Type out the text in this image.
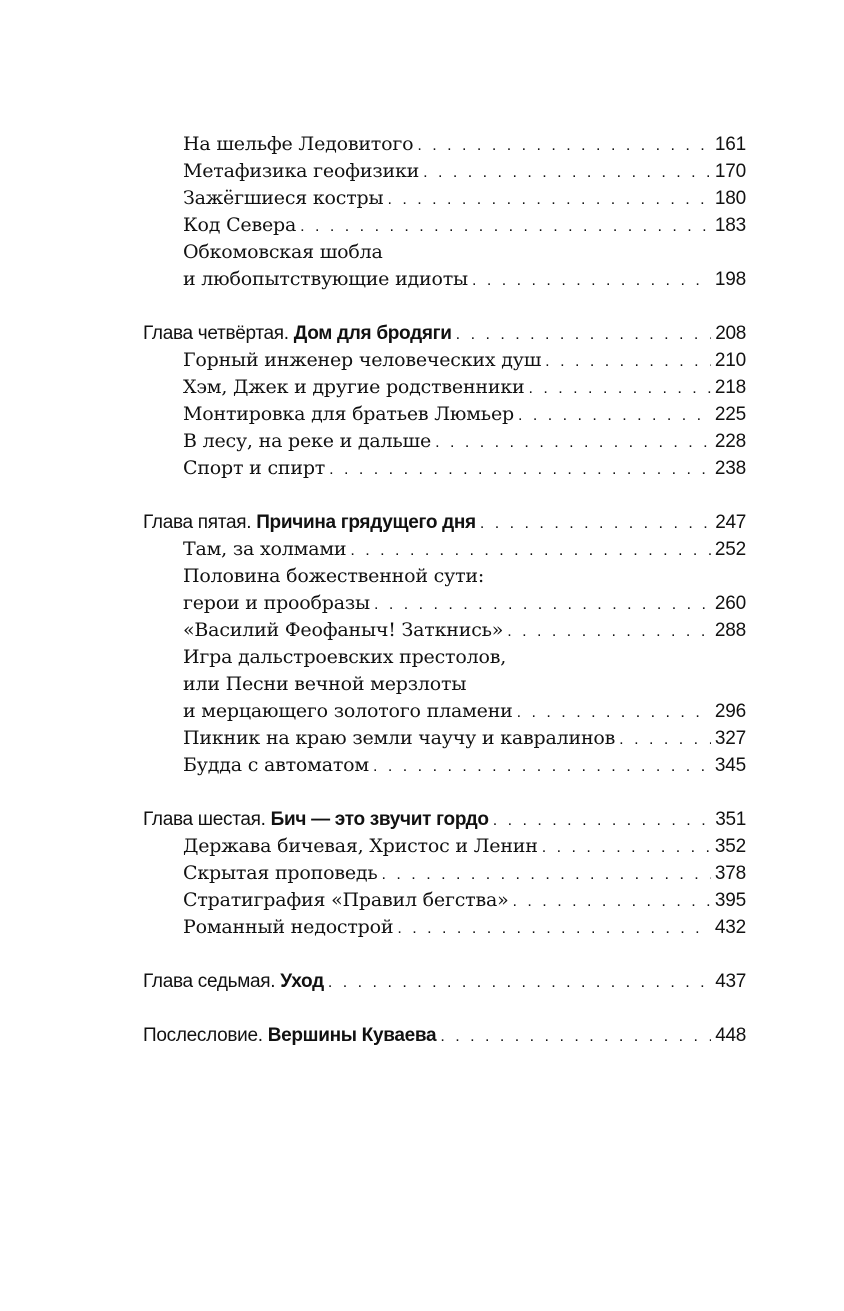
На шельфе Ледовитого . . .	161
Метафизика геофизики . . .	170
Зажёгшиеся костры . . .	180
Код Севера . . .	183
Обкомовская шобла
и любопытствующие идиоты . . .	198
Глава четвёртая. Дом для бродяги . . .	208
Горный инженер человеческих душ . . .	210
Хэм, Джек и другие родственники . . .	218
Монтировка для братьев Люмьер . . .	225
В лесу, на реке и дальше . . .	228
Спорт и спирт . . .	238
Глава пятая. Причина грядущего дня . . .	247
Там, за холмами . . .	252
Половина божественной сути:
герои и прообразы . . .	260
«Василий Феофаныч! Заткнись» . . .	288
Игра дальстроевских престолов,
или Песни вечной мерзлоты
и мерцающего золотого пламени . . .	296
Пикник на краю земли чаучу и кавралинов . . .	327
Будда с автоматом . . .	345
Глава шестая. Бич — это звучит гордо . . .	351
Держава бичевая, Христос и Ленин . . .	352
Скрытая проповедь . . .	378
Стратиграфия «Правил бегства» . . .	395
Романный недострой . . .	432
Глава седьмая. Уход . . .	437
Послесловие. Вершины Куваева . . .	448
